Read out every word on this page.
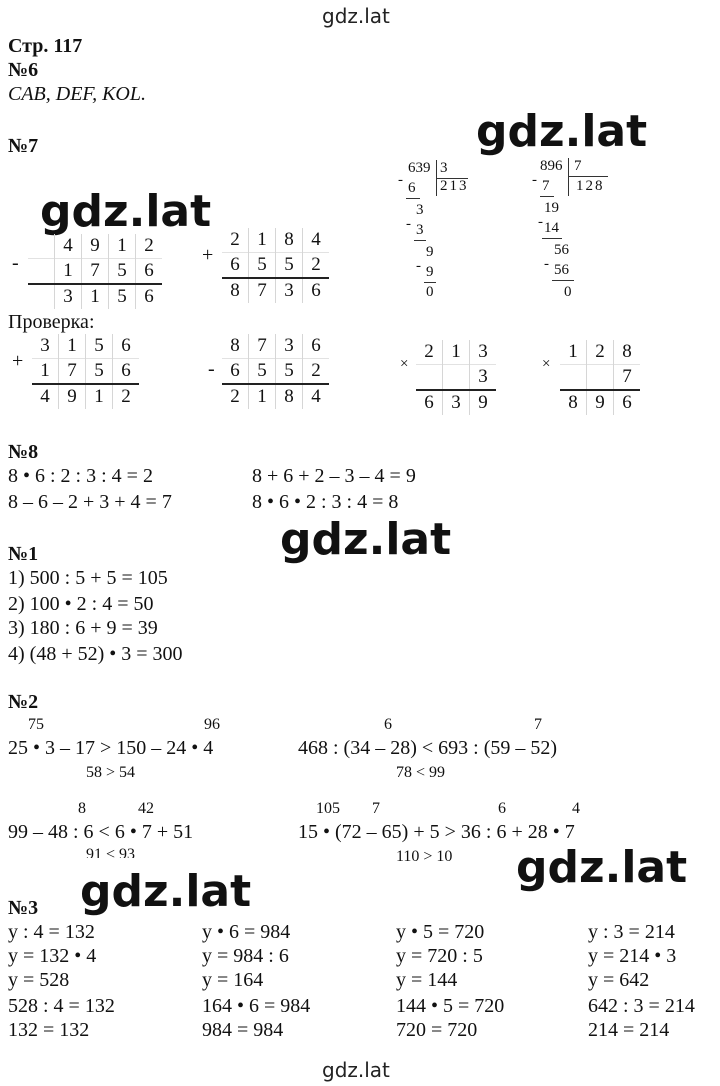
gdz.lat
gdz.lat
Стр. 117
№6
CAB, DEF, KOL.
№7	gdz.lat
gdz.lat
-
	4	9	1	2
	1	7	5	6
	3	1	5	6
+
2	1	8	4
6	5	5	2
8	7	3	6
639 3
213
- 6
3
- 3
9
- 9
0
896 7
128
- 7
19
- 14
56
- 56
0
Проверка:
+
3	1	5	6
1	7	5	6
4	9	1	2
-
8	7	3	6
6	5	5	2
2	1	8	4
×
2	1	3
		3
6	3	9
×
1	2	8
		7
8	9	6
№8
8 • 6 : 2 : 3 : 4 = 2	8 + 6 + 2 – 3 – 4 = 9
8 – 6 – 2 + 3 + 4 = 7	8 • 6 • 2 : 3 : 4 = 8
gdz.lat
№1
1) 500 : 5 + 5 = 105
2) 100 • 2 : 4 = 50
3) 180 : 6 + 9 = 39
4) (48 + 52) • 3 = 300
№2
75	96
25 • 3 – 17 > 150 – 24 • 4
58 > 54
6	7
468 : (34 – 28) < 693 : (59 – 52)
78 < 99
8	42
99 – 48 : 6 < 6 • 7 + 51
91 < 93
105 7	6	4
15 • (72 – 65) + 5 > 36 : 6 + 28 • 7
110 > 10 gdz.lat
gdz.lat
№3
y : 4 = 132
y = 132 • 4
y = 528
528 : 4 = 132
132 = 132
y • 6 = 984
y = 984 : 6
y = 164
164 • 6 = 984
984 = 984
y • 5 = 720
y = 720 : 5
y = 144
144 • 5 = 720
720 = 720
y : 3 = 214
y = 214 • 3
y = 642
642 : 3 = 214
214 = 214
